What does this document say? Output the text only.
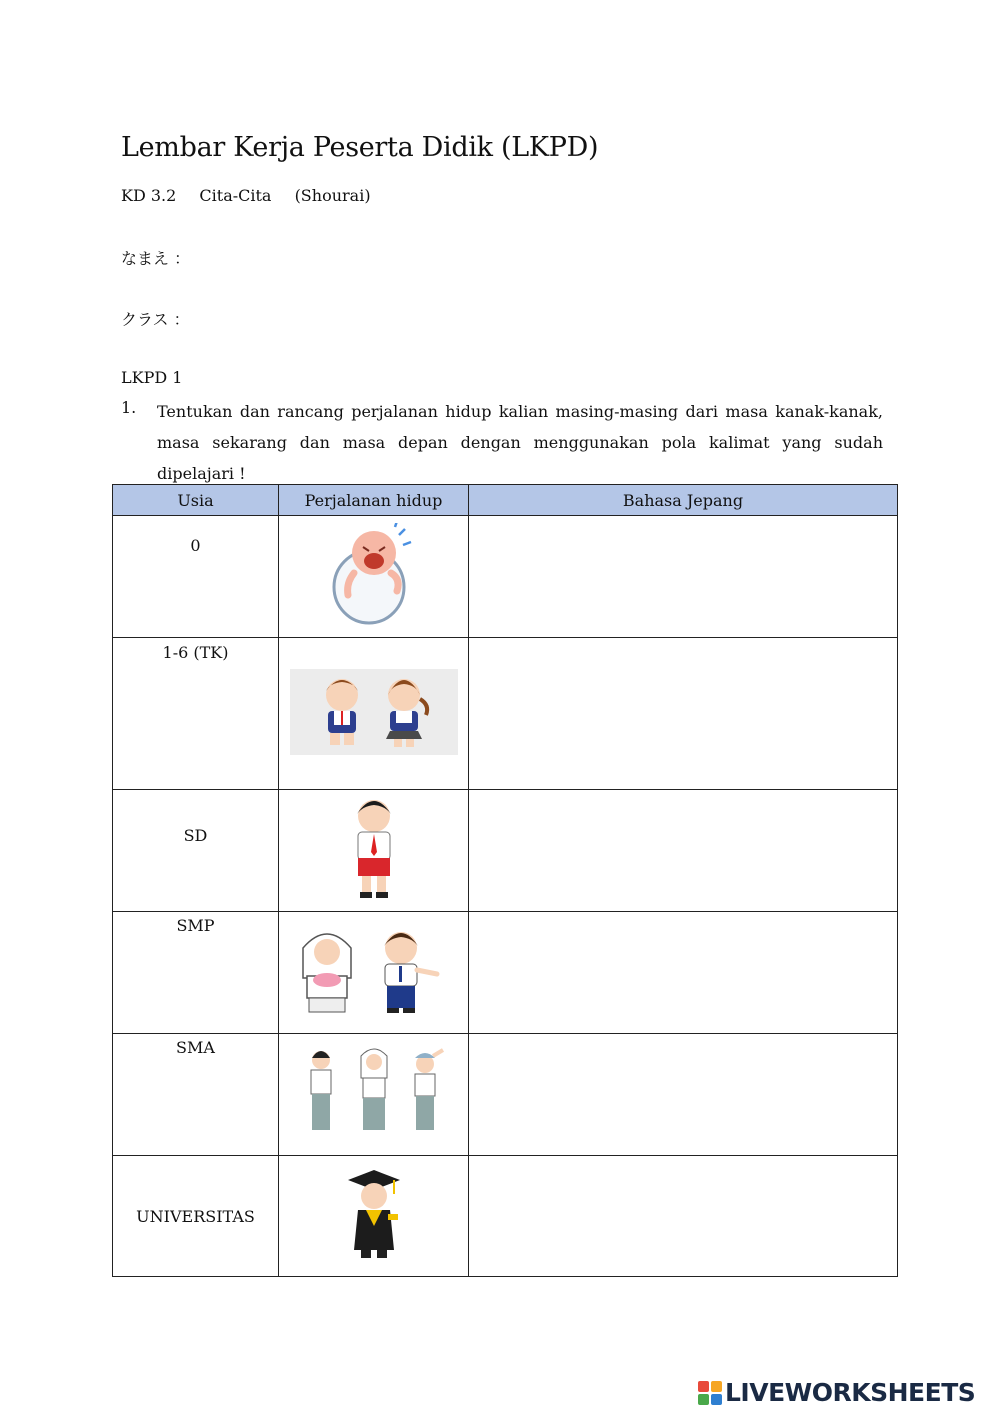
Lembar Kerja Peserta Didik (LKPD)
KD 3.2 Cita-Cita (Shourai)
なまえ ：
クラス ：
LKPD 1
1. Tentukan dan rancang perjalanan hidup kalian masing-masing dari masa kanak-kanak, masa sekarang dan masa depan dengan menggunakan pola kalimat yang sudah dipelajari !
Usia	Perjalanan hidup	Bahasa Jepang

0

1-6 (TK)

SD

SMP

SMA

UNIVERSITAS

LIVEWORKSHEETS
